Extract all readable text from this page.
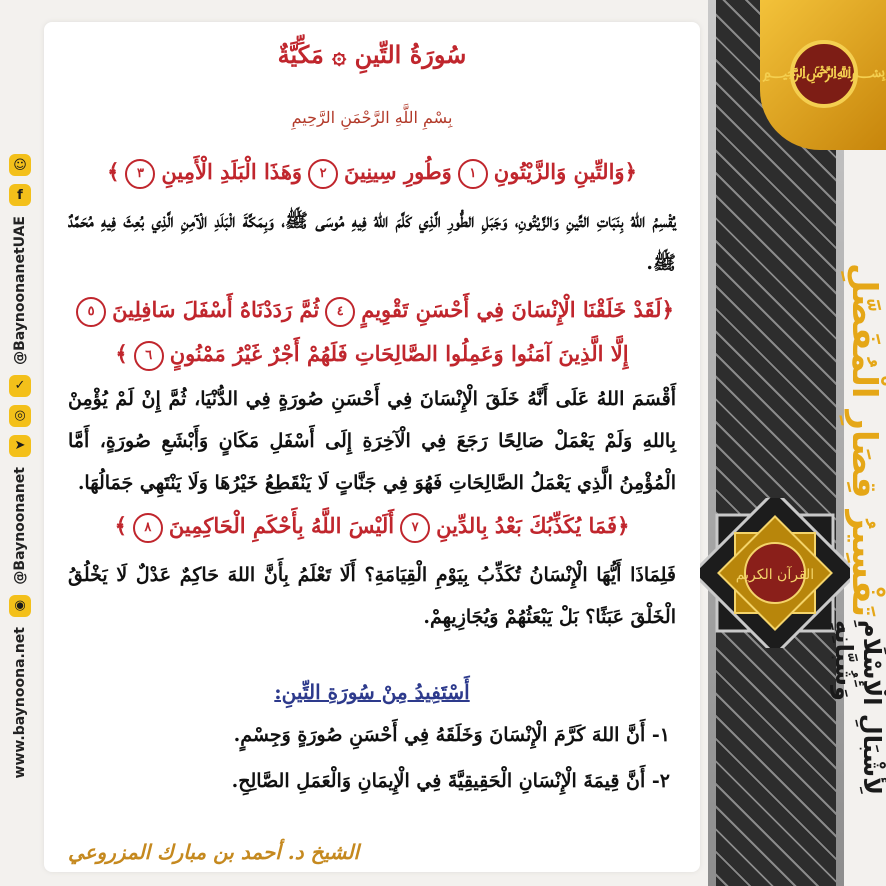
☺
f
@BaynoonanetUAE
✓
◎
➤
@Baynoonanet
◉
www.baynoona.net
سُورَةُ التِّينِ ۞ مَكِّيَّةٌ
بِسْمِ اللَّهِ الرَّحْمَنِ الرَّحِيمِ
﴿وَالتِّينِ وَالزَّيْتُونِ١وَطُورِ سِينِينَ٢وَهَذَا الْبَلَدِ الْأَمِينِ٣﴾
يُقْسِمُ اللهُ بِنَبَاتِ التِّينِ وَالزَّيْتُونِ، وَجَبَلِ الطُّورِ الَّذِي كَلَّمَ اللهُ فِيهِ مُوسَى ﷺ، وَبِمَكَّةَ الْبَلَدِ الْآمِنِ الَّذِي بُعِثَ فِيهِ مُحَمَّدٌ ﷺ.
﴿لَقَدْ خَلَقْنَا الْإِنْسَانَ فِي أَحْسَنِ تَقْوِيمٍ٤ثُمَّ رَدَدْنَاهُ أَسْفَلَ سَافِلِينَ٥إِلَّا الَّذِينَ آمَنُوا وَعَمِلُوا الصَّالِحَاتِ فَلَهُمْ أَجْرٌ غَيْرُ مَمْنُونٍ٦﴾
أَقْسَمَ اللهُ عَلَى أَنَّهُ خَلَقَ الْإِنْسَانَ فِي أَحْسَنِ صُورَةٍ فِي الدُّنْيَا، ثُمَّ إِنْ لَمْ يُؤْمِنْ بِاللهِ وَلَمْ يَعْمَلْ صَالِحًا رَجَعَ فِي الْآخِرَةِ إِلَى أَسْفَلِ مَكَانٍ وَأَبْشَعِ صُورَةٍ، أَمَّا الْمُؤْمِنُ الَّذِي يَعْمَلُ الصَّالِحَاتِ فَهُوَ فِي جَنَّاتٍ لَا يَنْقَطِعُ خَيْرُهَا وَلَا يَنْتَهِي جَمَالُهَا.
﴿فَمَا يُكَذِّبُكَ بَعْدُ بِالدِّينِ٧أَلَيْسَ اللَّهُ بِأَحْكَمِ الْحَاكِمِينَ٨﴾
فَلِمَاذَا أَيُّهَا الْإِنْسَانُ تُكَذِّبُ بِيَوْمِ الْقِيَامَةِ؟ أَلَا تَعْلَمُ بِأَنَّ اللهَ حَاكِمٌ عَدْلٌ لَا يَخْلُقُ الْخَلْقَ عَبَثًا؟ بَلْ يَبْعَثُهُمْ وَيُجَازِيهِمْ.
أَسْتَفِيدُ مِنْ سُورَةِ التِّينِ:
١- أَنَّ اللهَ كَرَّمَ الْإِنْسَانَ وَخَلَقَهُ فِي أَحْسَنِ صُورَةٍ وَجِسْمٍ.
٢- أَنَّ قِيمَةَ الْإِنْسَانِ الْحَقِيقِيَّةَ فِي الْإِيمَانِ وَالْعَمَلِ الصَّالِحِ.
الشيخ د. أحمد بن مبارك المزروعي
﷽
القرآن الكريم تَفْسِيرُ قِصَارِ الْمُفَصَّلِ
لِأَشْبَالِ الْإِسْلَامِ وَشُبَّانِهِ
